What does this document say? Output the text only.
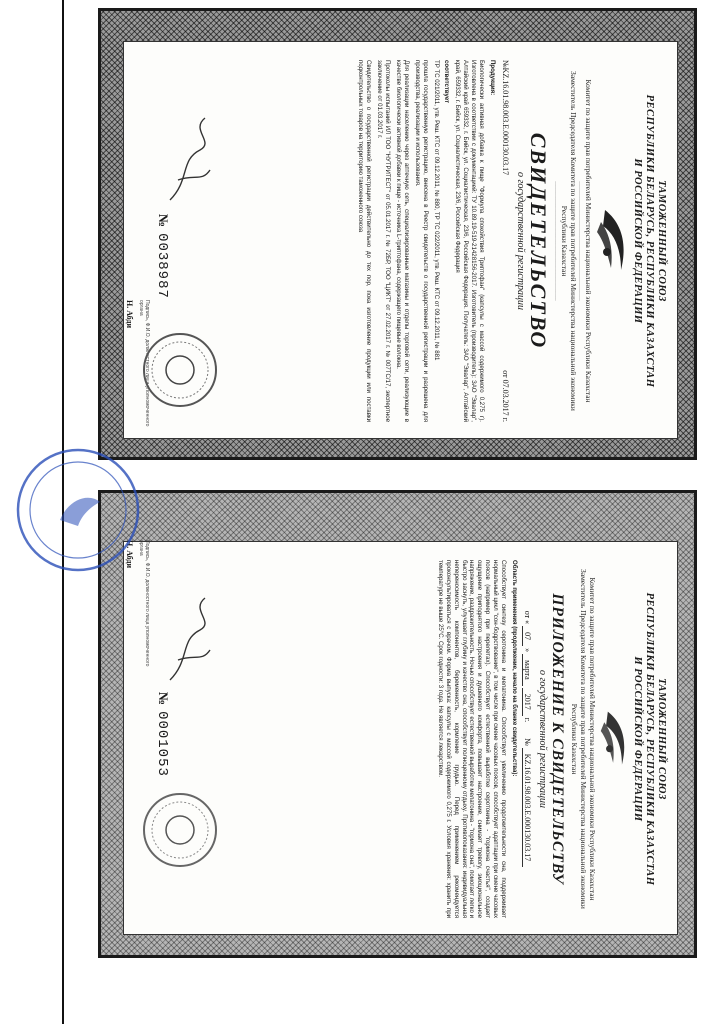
ТАМОЖЕННЫЙ СОЮЗ
РЕСПУБЛИКИ БЕЛАРУСЬ, РЕСПУБЛИКИ КАЗАХСТАН
И РОССИЙСКОЙ ФЕДЕРАЦИИ
Комитет по защите прав потребителей Министерства национальной экономики Республики Казахстан
____________________________________________________
Заместитель Председателя Комитета по защите прав потребителей Министерства национальной экономики Республики Казахстан
____________________________________________________
СВИДЕТЕЛЬСТВО
о государственной регистрации
№KZ.16.01.98.003.Е.000130.03.17
от 07.03.2017 г.

Продукция:

Биологически активная добавка к пище "Формула спокойствия Триптофан" (капсулы с массой содержимого 0,275 г). Изготовлена в соответствии с документацией: ТУ 10.89.19-519-21428156-2017. Изготовитель (производитель): ЗАО "Эвалар", Алтайский край 659332, г. Бийск, ул. Социалистическая, 23/6, Российская Федерация. Получатель: ЗАО "Эвалар", Алтайский край, 659332, г. Бийск, ул. Социалистическая, 23/6, Российская Федерация

соответствует

ТР ТС 021/2011, утв. Реш. КТС от 09.12.2011, № 880, ТР ТС 022/2011, утв. Реш. КТС от 09.12.2011, № 881

прошла государственную регистрацию, внесена в Реестр свидетельств о государственной регистрации и разрешена для производства, реализации и использования.

Для реализации населению через аптечную сеть, специализированные магазины и отделы торговой сети, реализующие в качестве биологически активной добавки к пище - источника L-триптофана, содержащего пищевые волокна.

Протоколы испытаний ИЛ ТОО "НУТРИТЕСТ" от 05.01.2017 г. № 72БР, ТОО "ЦИКТ" от 27.02.2017 г. № 007ТС/17, экспертное заключение от 01.03.2017 г.

Свидетельство о государственной регистрации действительно до тех пор, пока изготовление продукции или поставки подконтрольных товаров на территорию таможенного союза

Подпись, Ф.И.О. должностного лица уполномоченного органа
Н. Абди
№0038987
ТАМОЖЕННЫЙ СОЮЗ
РЕСПУБЛИКИ БЕЛАРУСЬ, РЕСПУБЛИКИ КАЗАХСТАН
И РОССИЙСКОЙ ФЕДЕРАЦИИ
Комитет по защите прав потребителей Министерства национальной экономики Республики Казахстан
Заместитель Председателя Комитета по защите прав потребителей Министерства национальной экономики Республики Казахстан
ПРИЛОЖЕНИЕ К СВИДЕТЕЛЬСТВУ
о государственной регистрации
от « 07 » марта 2017 г.
№ KZ.16.01.98.003.Е.000130.03.17

Область применения (продолжение, начало на бланке свидетельства):

Способствует синтезу серотонина и мелатонина. Способствует увеличению продолжительности сна, поддерживает нормальный цикл "сон-бодрствование", в том числе при смене часовых поясов, способствует адаптации при смене часовых поясов (например при перелетах). Способствует естественной выработке серотонина - "гормона счастья", создает ощущение приподнятого настроения и душевного комфорта, повышает настроение, снимает тревогу, эмоциональное напряжение, раздражительность. Ночью способствует естественной выработке мелатонина - "гормона сна", помогает легко и быстро заснуть, улучшает глубину и качество сна, способствует полноценному отдыху. Противопоказания: индивидуальная непереносимость компонентов, беременность, кормление грудью. Перед применением рекомендуется проконсультироваться с врачом. Форма выпуска: капсулы с массой содержимого 0,275 г. Условия хранения: хранить при температуре не выше 25°С. Срок годности: 3 года. Не является лекарством.

Подпись, Ф.И.О. должностного лица уполномоченного органа
Н. Абди
№0001053
